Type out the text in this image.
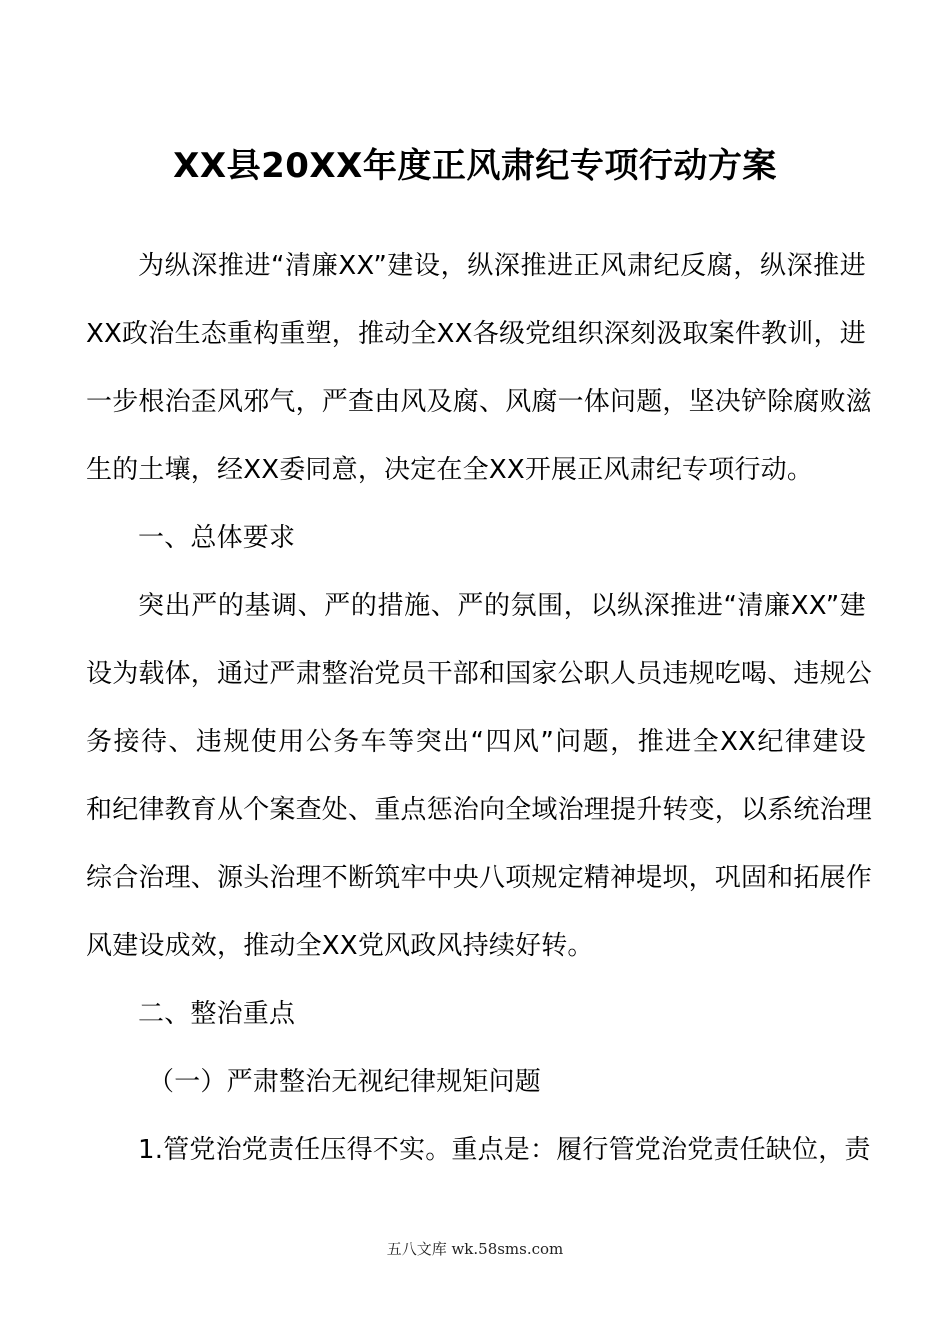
XX县20XX年度正风肃纪专项行动方案
为纵深推进“清廉XX”建设，纵深推进正风肃纪反腐，纵深推进
XX政治生态重构重塑，推动全XX各级党组织深刻汲取案件教训，进
一步根治歪风邪气，严查由风及腐、风腐一体问题，坚决铲除腐败滋
生的土壤，经XX委同意，决定在全XX开展正风肃纪专项行动。
一、总体要求
突出严的基调、严的措施、严的氛围，以纵深推进“清廉XX”建
设为载体，通过严肃整治党员干部和国家公职人员违规吃喝、违规公
务接待、违规使用公务车等突出“四风”问题，推进全XX纪律建设
和纪律教育从个案查处、重点惩治向全域治理提升转变，以系统治理
综合治理、源头治理不断筑牢中央八项规定精神堤坝，巩固和拓展作
风建设成效，推动全XX党风政风持续好转。
二、整治重点
（一）严肃整治无视纪律规矩问题
1.管党治党责任压得不实。重点是：履行管党治党责任缺位，责
五八文库 wk.58sms.com
